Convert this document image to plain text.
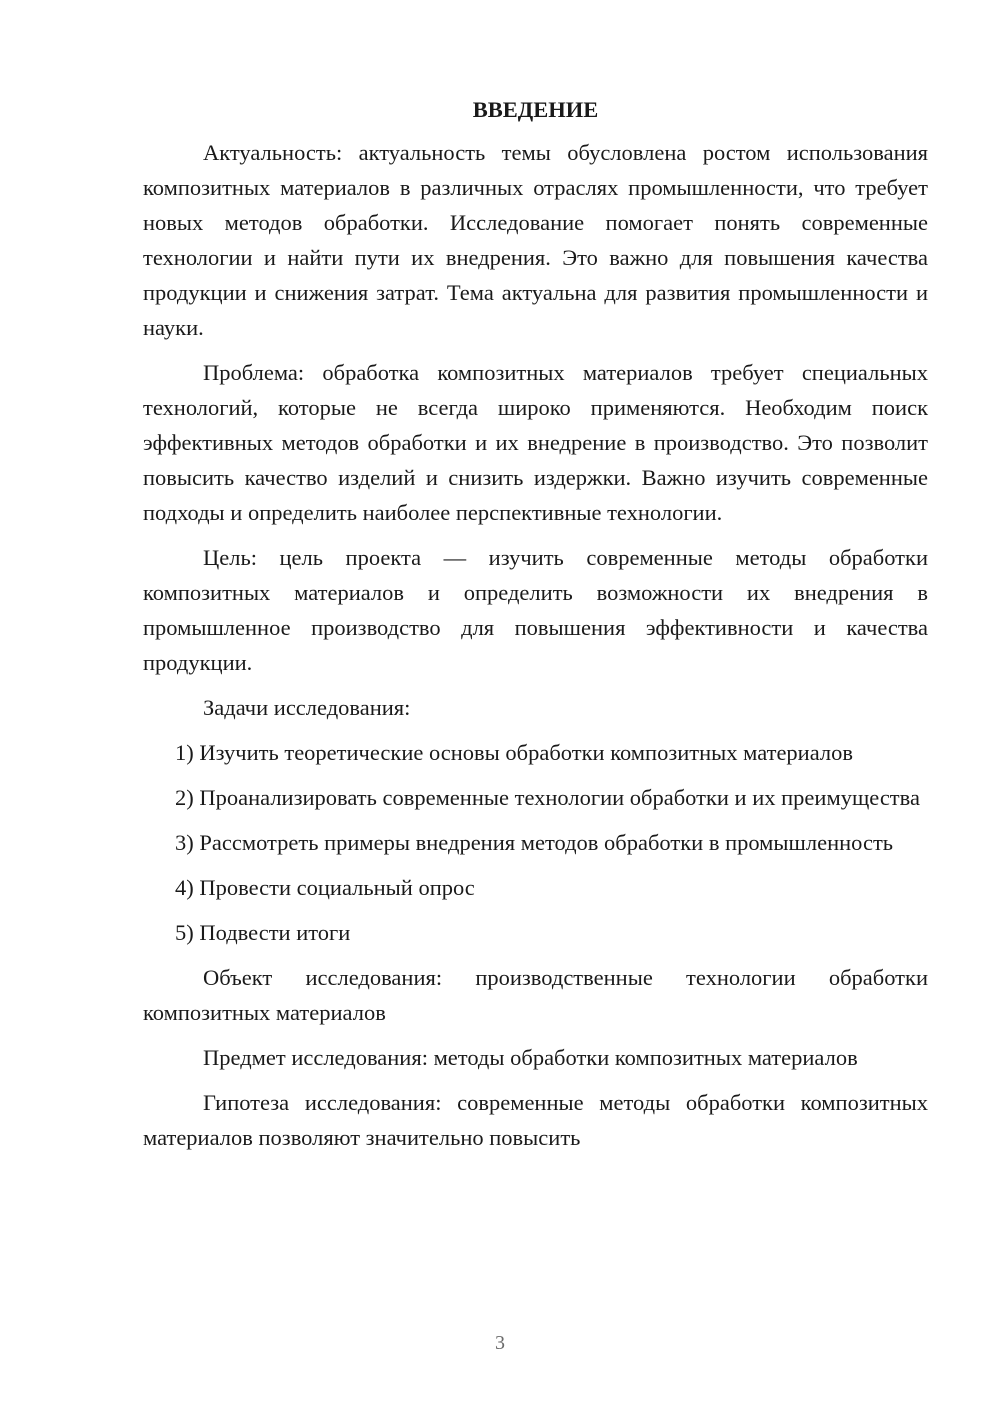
ВВЕДЕНИЕ

Актуальность: актуальность темы обусловлена ростом использования композитных материалов в различных отраслях промышленности, что требует новых методов обработки. Исследование помогает понять современные технологии и найти пути их внедрения. Это важно для повышения качества продукции и снижения затрат. Тема актуальна для развития промышленности и науки.

Проблема: обработка композитных материалов требует специальных технологий, которые не всегда широко применяются. Необходим поиск эффективных методов обработки и их внедрение в производство. Это позволит повысить качество изделий и снизить издержки. Важно изучить современные подходы и определить наиболее перспективные технологии.

Цель: цель проекта — изучить современные методы обработки композитных материалов и определить возможности их внедрения в промышленное производство для повышения эффективности и качества продукции.

Задачи исследования:

1) Изучить теоретические основы обработки композитных материалов

2) Проанализировать современные технологии обработки и их преимущества

3) Рассмотреть примеры внедрения методов обработки в промышленность

4) Провести социальный опрос

5) Подвести итоги

Объект исследования: производственные технологии обработки композитных материалов

Предмет исследования: методы обработки композитных материалов

Гипотеза исследования: современные методы обработки композитных материалов позволяют значительно повысить

3
